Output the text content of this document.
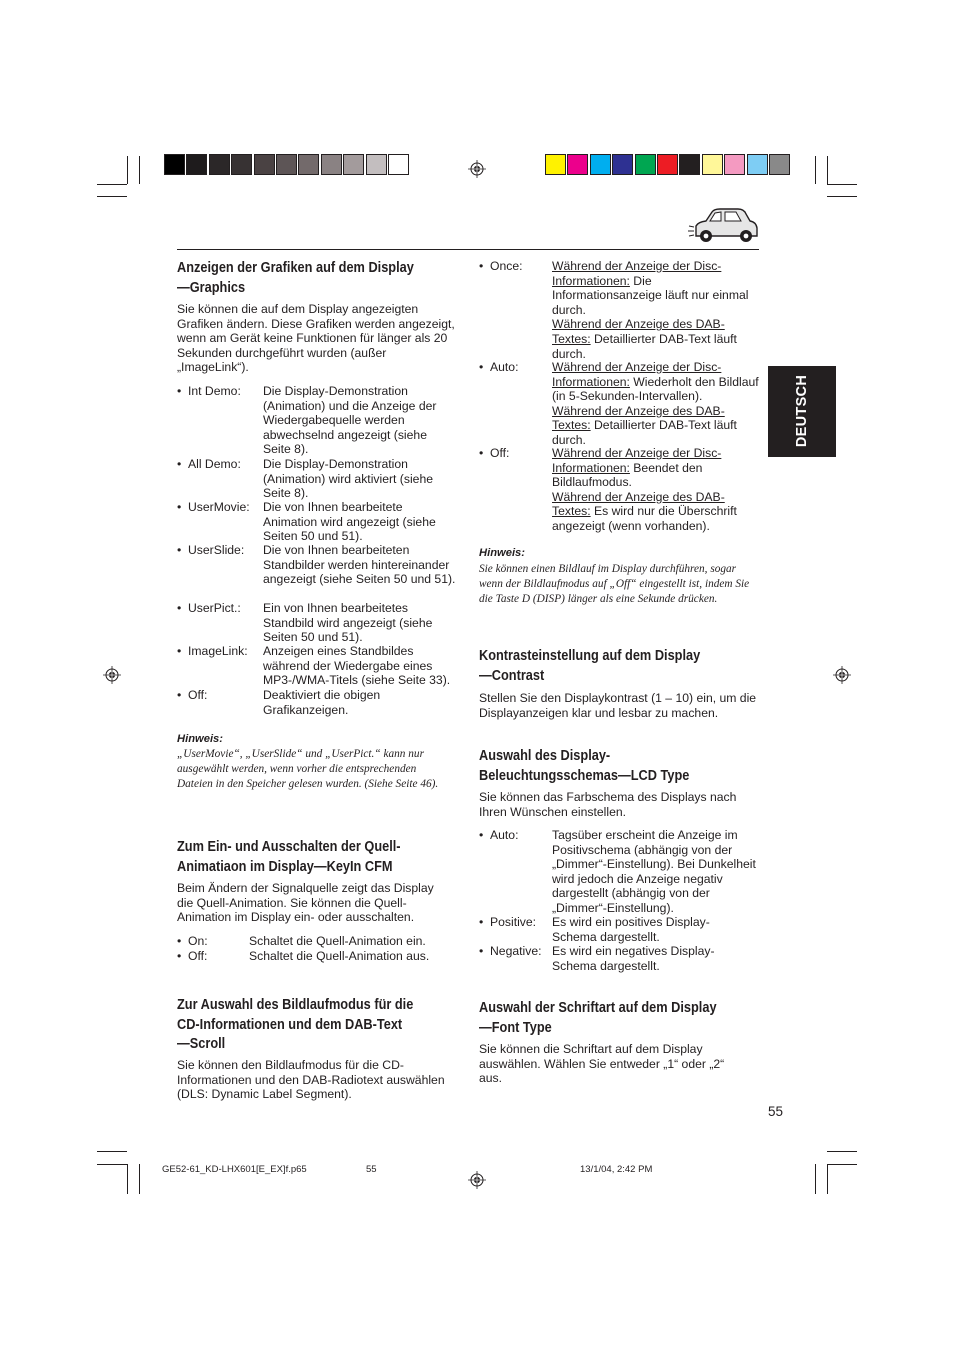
DEUTSCH
Anzeigen der Grafiken auf dem Display
—Graphics
Sie können die auf dem Display angezeigten Grafiken ändern. Diese Grafiken werden angezeigt, wenn am Gerät keine Funktionen für länger als 20 Sekunden durchgeführt wurden (außer „ImageLink“).
• Int Demo: Die Display-Demonstration (Animation) und die Anzeige der Wiedergabequelle werden abwechselnd angezeigt (siehe Seite 8).
• All Demo: Die Display-Demonstration (Animation) wird aktiviert (siehe Seite 8).
• UserMovie: Die von Ihnen bearbeitete Animation wird angezeigt (siehe Seiten 50 und 51).
• UserSlide: Die von Ihnen bearbeiteten Standbilder werden hintereinander angezeigt (siehe Seiten 50 und 51).
• UserPict.: Ein von Ihnen bearbeitetes Standbild wird angezeigt (siehe Seiten 50 und 51).
• ImageLink: Anzeigen eines Standbildes während der Wiedergabe eines MP3-/WMA-Titels (siehe Seite 33).
• Off:	Deaktiviert die obigen Grafikanzeigen.
Hinweis:
„UserMovie“, „UserSlide“ und „UserPict.“ kann nur ausgewählt werden, wenn vorher die entsprechenden Dateien in den Speicher gelesen wurden. (Siehe Seite 46).
Zum Ein- und Ausschalten der Quell-
Animatiaon im Display—KeyIn CFM
Beim Ändern der Signalquelle zeigt das Display die Quell-Animation. Sie können die Quell-Animation im Display ein- oder ausschalten.
• On:	Schaltet die Quell-Animation ein.
• Off:	Schaltet die Quell-Animation aus.
Zur Auswahl des Bildlaufmodus für die
CD-Informationen und dem DAB-Text
—Scroll
Sie können den Bildlaufmodus für die CD-Informationen und den DAB-Radiotext auswählen (DLS: Dynamic Label Segment).
• Once: Während der Anzeige der Disc-Informationen: Die Informationsanzeige läuft nur einmal durch.
Während der Anzeige des DAB-Textes: Detaillierter DAB-Text läuft durch.
• Auto:	Während der Anzeige der Disc-Informationen: Wiederholt den Bildlauf (in 5-Sekunden-Intervallen).
Während der Anzeige des DAB-Textes: Detaillierter DAB-Text läuft durch.
• Off:	Während der Anzeige der Disc-Informationen: Beendet den Bildlaufmodus.
Während der Anzeige des DAB-Textes: Es wird nur die Überschrift angezeigt (wenn vorhanden).
Hinweis:
Sie können einen Bildlauf im Display durchführen, sogar wenn der Bildlaufmodus auf „Off“ eingestellt ist, indem Sie die Taste D (DISP) länger als eine Sekunde drücken.
Kontrasteinstellung auf dem Display
—Contrast
Stellen Sie den Displaykontrast (1 – 10) ein, um die Displayanzeigen klar und lesbar zu machen.
Auswahl des Display-
Beleuchtungsschemas—LCD Type
Sie können das Farbschema des Displays nach Ihren Wünschen einstellen.
• Auto:	Tagsüber erscheint die Anzeige im Positivschema (abhängig von der „Dimmer“-Einstellung). Bei Dunkelheit wird jedoch die Anzeige negativ dargestellt (abhängig von der „Dimmer“-Einstellung).
• Positive: Es wird ein positives Display-Schema dargestellt.
• Negative: Es wird ein negatives Display-Schema dargestellt.
Auswahl der Schriftart auf dem Display
—Font Type
Sie können die Schriftart auf dem Display auswählen. Wählen Sie entweder „1“ oder „2“ aus.
55
GE52-61_KD-LHX601[E_EX]f.p65	55	13/1/04, 2:42 PM
